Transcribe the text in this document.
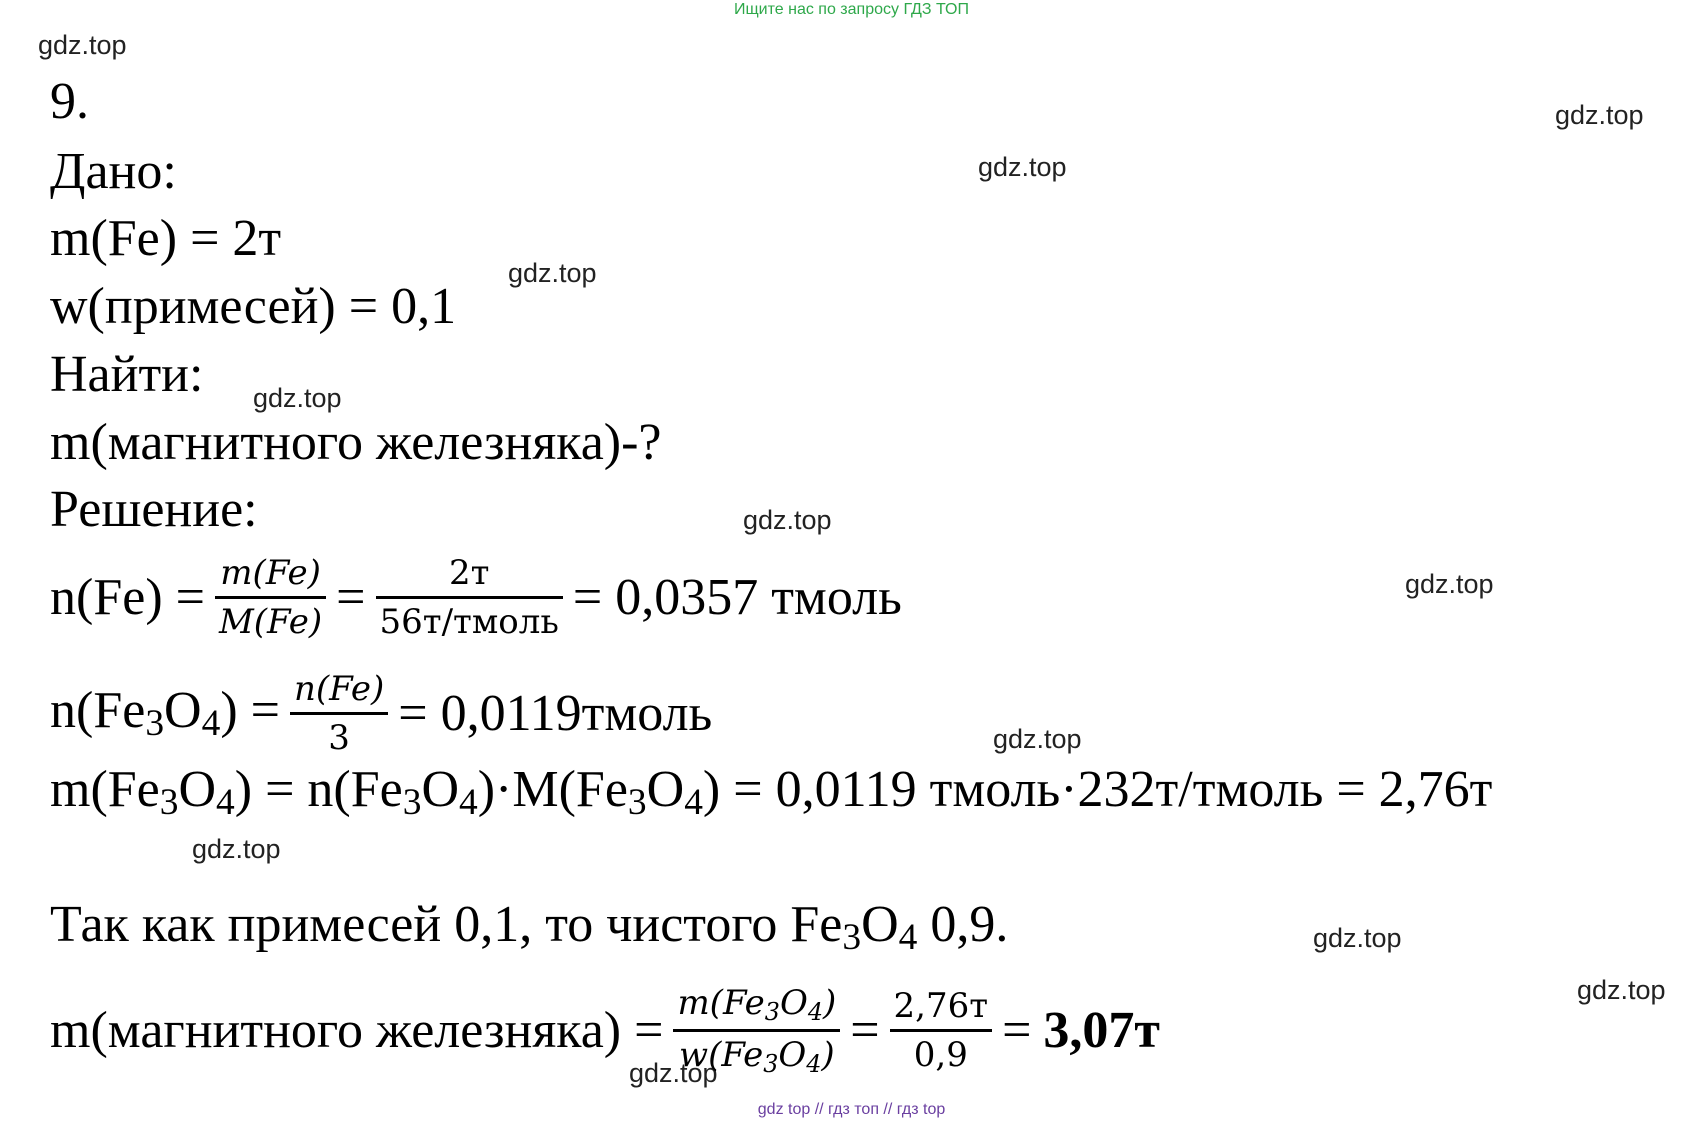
Ищите нас по запросу ГДЗ ТОП
gdz.top
gdz.top
gdz.top
gdz.top
gdz.top
gdz.top
gdz.top
gdz.top
gdz.top
gdz.top
gdz.top
gdz.top
9.
Дано:
m(Fe) = 2т
w(примесей) = 0,1
Найти:
m(магнитного железняка)-?
Решение:
$n(Fe) = \frac{m(Fe)}{M(Fe)} = \frac{2т}{\text{56т/тмоль}} = 0,0357$ тмоль
$n(Fe_3O_4) = \frac{n(Fe)}{3}$ = 0,0119тмоль
$m(Fe_3O_4) = n(Fe_3O_4)\cdot M(Fe_3O_4) = 0,0119$ тмоль·232т/тмоль = 2,76т
Так как примесей 0,1, то чистого $Fe_3O_4$ 0,9.
m(магнитного железняка) = $\frac{m(Fe_3O_4)}{w(Fe_3O_4)} = \frac{2,76т}{0,9} = 3,07т$
gdz top // гдз топ // гдз top
